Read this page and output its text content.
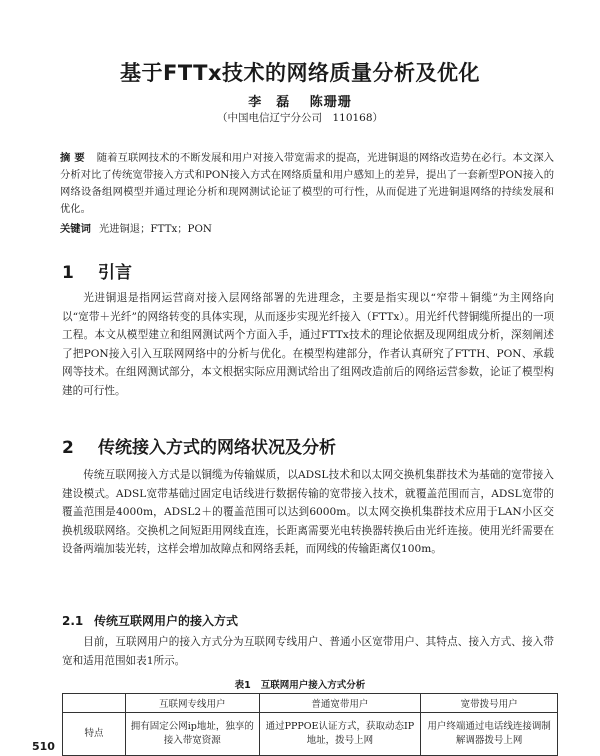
基于FTTx技术的网络质量分析及优化
李　磊 陈珊珊
（中国电信辽宁分公司　110168）
摘要 随着互联网技术的不断发展和用户对接入带宽需求的提高，光进铜退的网络改造势在必行。本文深入分析对比了传统宽带接入方式和PON接入方式在网络质量和用户感知上的差异，提出了一套新型PON接入的网络设备组网模型并通过理论分析和现网测试论证了模型的可行性，从而促进了光进铜退网络的持续发展和优化。
关键词 光进铜退；FTTx；PON
1 引言

光进铜退是指网运营商对接入层网络部署的先进理念，主要是指实现以“窄带＋铜缆”为主网络向以“宽带＋光纤”的网络转变的具体实现，从而逐步实现光纤接入（FTTx）。用光纤代替铜缆所提出的一项工程。本文从模型建立和组网测试两个方面入手，通过FTTx技术的理论依据及现网组成分析，深刻阐述了把PON接入引入互联网网络中的分析与优化。在模型构建部分，作者认真研究了FTTH、PON、承载网等技术。在组网测试部分，本文根据实际应用测试给出了组网改造前后的网络运营参数，论证了模型构建的可行性。

2 传统接入方式的网络状况及分析

传统互联网接入方式是以铜缆为传输媒质，以ADSL技术和以太网交换机集群技术为基础的宽带接入建设模式。ADSL宽带基础过固定电话线进行数据传输的宽带接入技术，就覆盖范围而言，ADSL宽带的覆盖范围是4000m，ADSL2＋的覆盖范围可以达到6000m。以太网交换机集群技术应用于LAN小区交换机级联网络。交换机之间短距用网线直连，长距离需要光电转换器转换后由光纤连接。使用光纤需要在设备两端加装光转，这样会增加故障点和网络丢耗，而网线的传输距离仅100m。

2.1 传统互联网用户的接入方式

目前，互联网用户的接入方式分为互联网专线用户、普通小区宽带用户、其特点、接入方式、接入带宽和适用范围如表1所示。

表1 互联网用户接入方式分析
	互联网专线用户	普通宽带用户	宽带拨号用户
特点	拥有固定公网ip地址，独享的接入带宽资源	通过PPPOE认证方式，获取动态IP地址，拨号上网	用户终端通过电话线连接调制解调器拨号上网
510
